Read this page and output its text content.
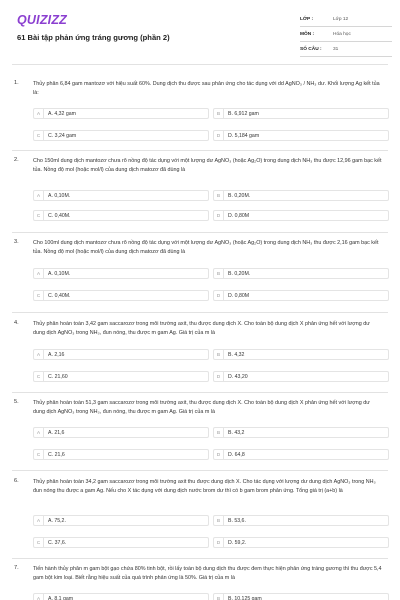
QUIZIZZ
61 Bài tập phản ứng tráng gương (phần 2)
LỚP :	Lớp 12
MÔN :	Hóa học
SỐ CÂU :	31
1.	Thủy phân 6,84 gam mantozơ với hiệu suất 60%. Dung dịch thu được sau phản ứng cho tác dụng với dd AgNO₃ / NH₃ dư. Khối lượng Ag kết tủa là:
A	A. 4,32 gam	B	B. 6,912 gam
C	C. 3,24 gam	D	D. 5,184 gam
2.	Cho 150ml dung dịch mantozơ chưa rõ nồng độ tác dụng với một lượng dư AgNO₃ (hoặc Ag₂O) trong dung dịch NH₃ thu được 12,96 gam bạc kết tủa. Nồng độ mol (hoặc mol/l) của dung dịch matozơ đã dùng là
A	A. 0,10M.	B	B. 0,20M.
C	C. 0,40M.	D	D. 0,80M
3.	Cho 100ml dung dịch mantozơ chưa rõ nồng độ tác dụng với một lượng dư AgNO₃ (hoặc Ag₂O) trong dung dịch NH₃ thu được 2,16 gam bạc kết tủa. Nồng độ mol (hoặc mol/l) của dung dịch matozơ đã dùng là
A	A. 0,10M.	B	B. 0,20M.
C	C. 0,40M.	D	D. 0,80M
4.	Thủy phân hoàn toàn 3,42 gam saccarozơ trong môi trường axit, thu được dung dịch X. Cho toàn bộ dung dịch X phản ứng hết với lượng dư dung dịch AgNO₃ trong NH₃, đun nóng, thu được m gam Ag. Giá trị của m là
A	A. 2,16	B	B. 4,32
C	C. 21,60	D	D. 43,20
5.	Thủy phân hoàn toàn 51,3 gam saccarozơ trong môi trường axit, thu được dung dịch X. Cho toàn bộ dung dịch X phản ứng hết với lượng dư dung dịch AgNO₃ trong NH₃, đun nóng, thu được m gam Ag. Giá trị của m là
A	A. 21,6	B	B. 43,2
C	C. 21,6	D	D. 64,8
6.	Thủy phân hoàn toàn 34,2 gam saccarozơ trong môi trường axit thu được dung dịch X. Cho tác dụng với lượng dư dung dịch AgNO₃ trong NH₃ đun nóng thu được a gam Ag. Nếu cho X tác dụng với dung dịch nước brom dư thì có b gam brom phản ứng. Tổng giá trị (a+b) là
A	A. 75,2.	B	B. 53,6.
C	C. 37,6.	D	D. 59,2.
7.	Tiến hành thủy phân m gam bột gạo chứa 80% tinh bột, rồi lấy toàn bộ dung dịch thu được đem thực hiện phản ứng tráng gương thì thu được 5,4 gam bột kim loại. Biết rằng hiệu suất của quá trình phản ứng là 50%. Giá trị của m là
A	A. 8,1 gam	B	B. 10,125 gam
